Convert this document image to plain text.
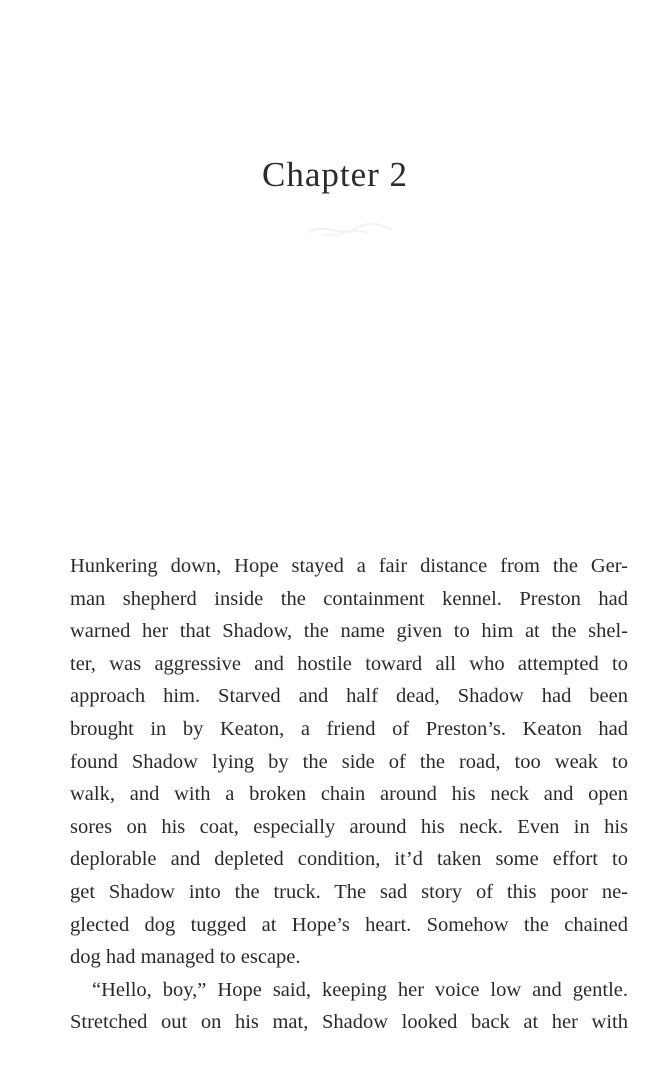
Chapter 2

Hunkering down, Hope stayed a fair distance from the Ger-
man shepherd inside the containment kennel. Preston had
warned her that Shadow, the name given to him at the shel-
ter, was aggressive and hostile toward all who attempted to
approach him. Starved and half dead, Shadow had been
brought in by Keaton, a friend of Preston’s. Keaton had
found Shadow lying by the side of the road, too weak to
walk, and with a broken chain around his neck and open
sores on his coat, especially around his neck. Even in his
deplorable and depleted condition, it’d taken some effort to
get Shadow into the truck. The sad story of this poor ne-
glected dog tugged at Hope’s heart. Somehow the chained
dog had managed to escape.

“Hello, boy,” Hope said, keeping her voice low and gentle.
Stretched out on his mat, Shadow looked back at her with
